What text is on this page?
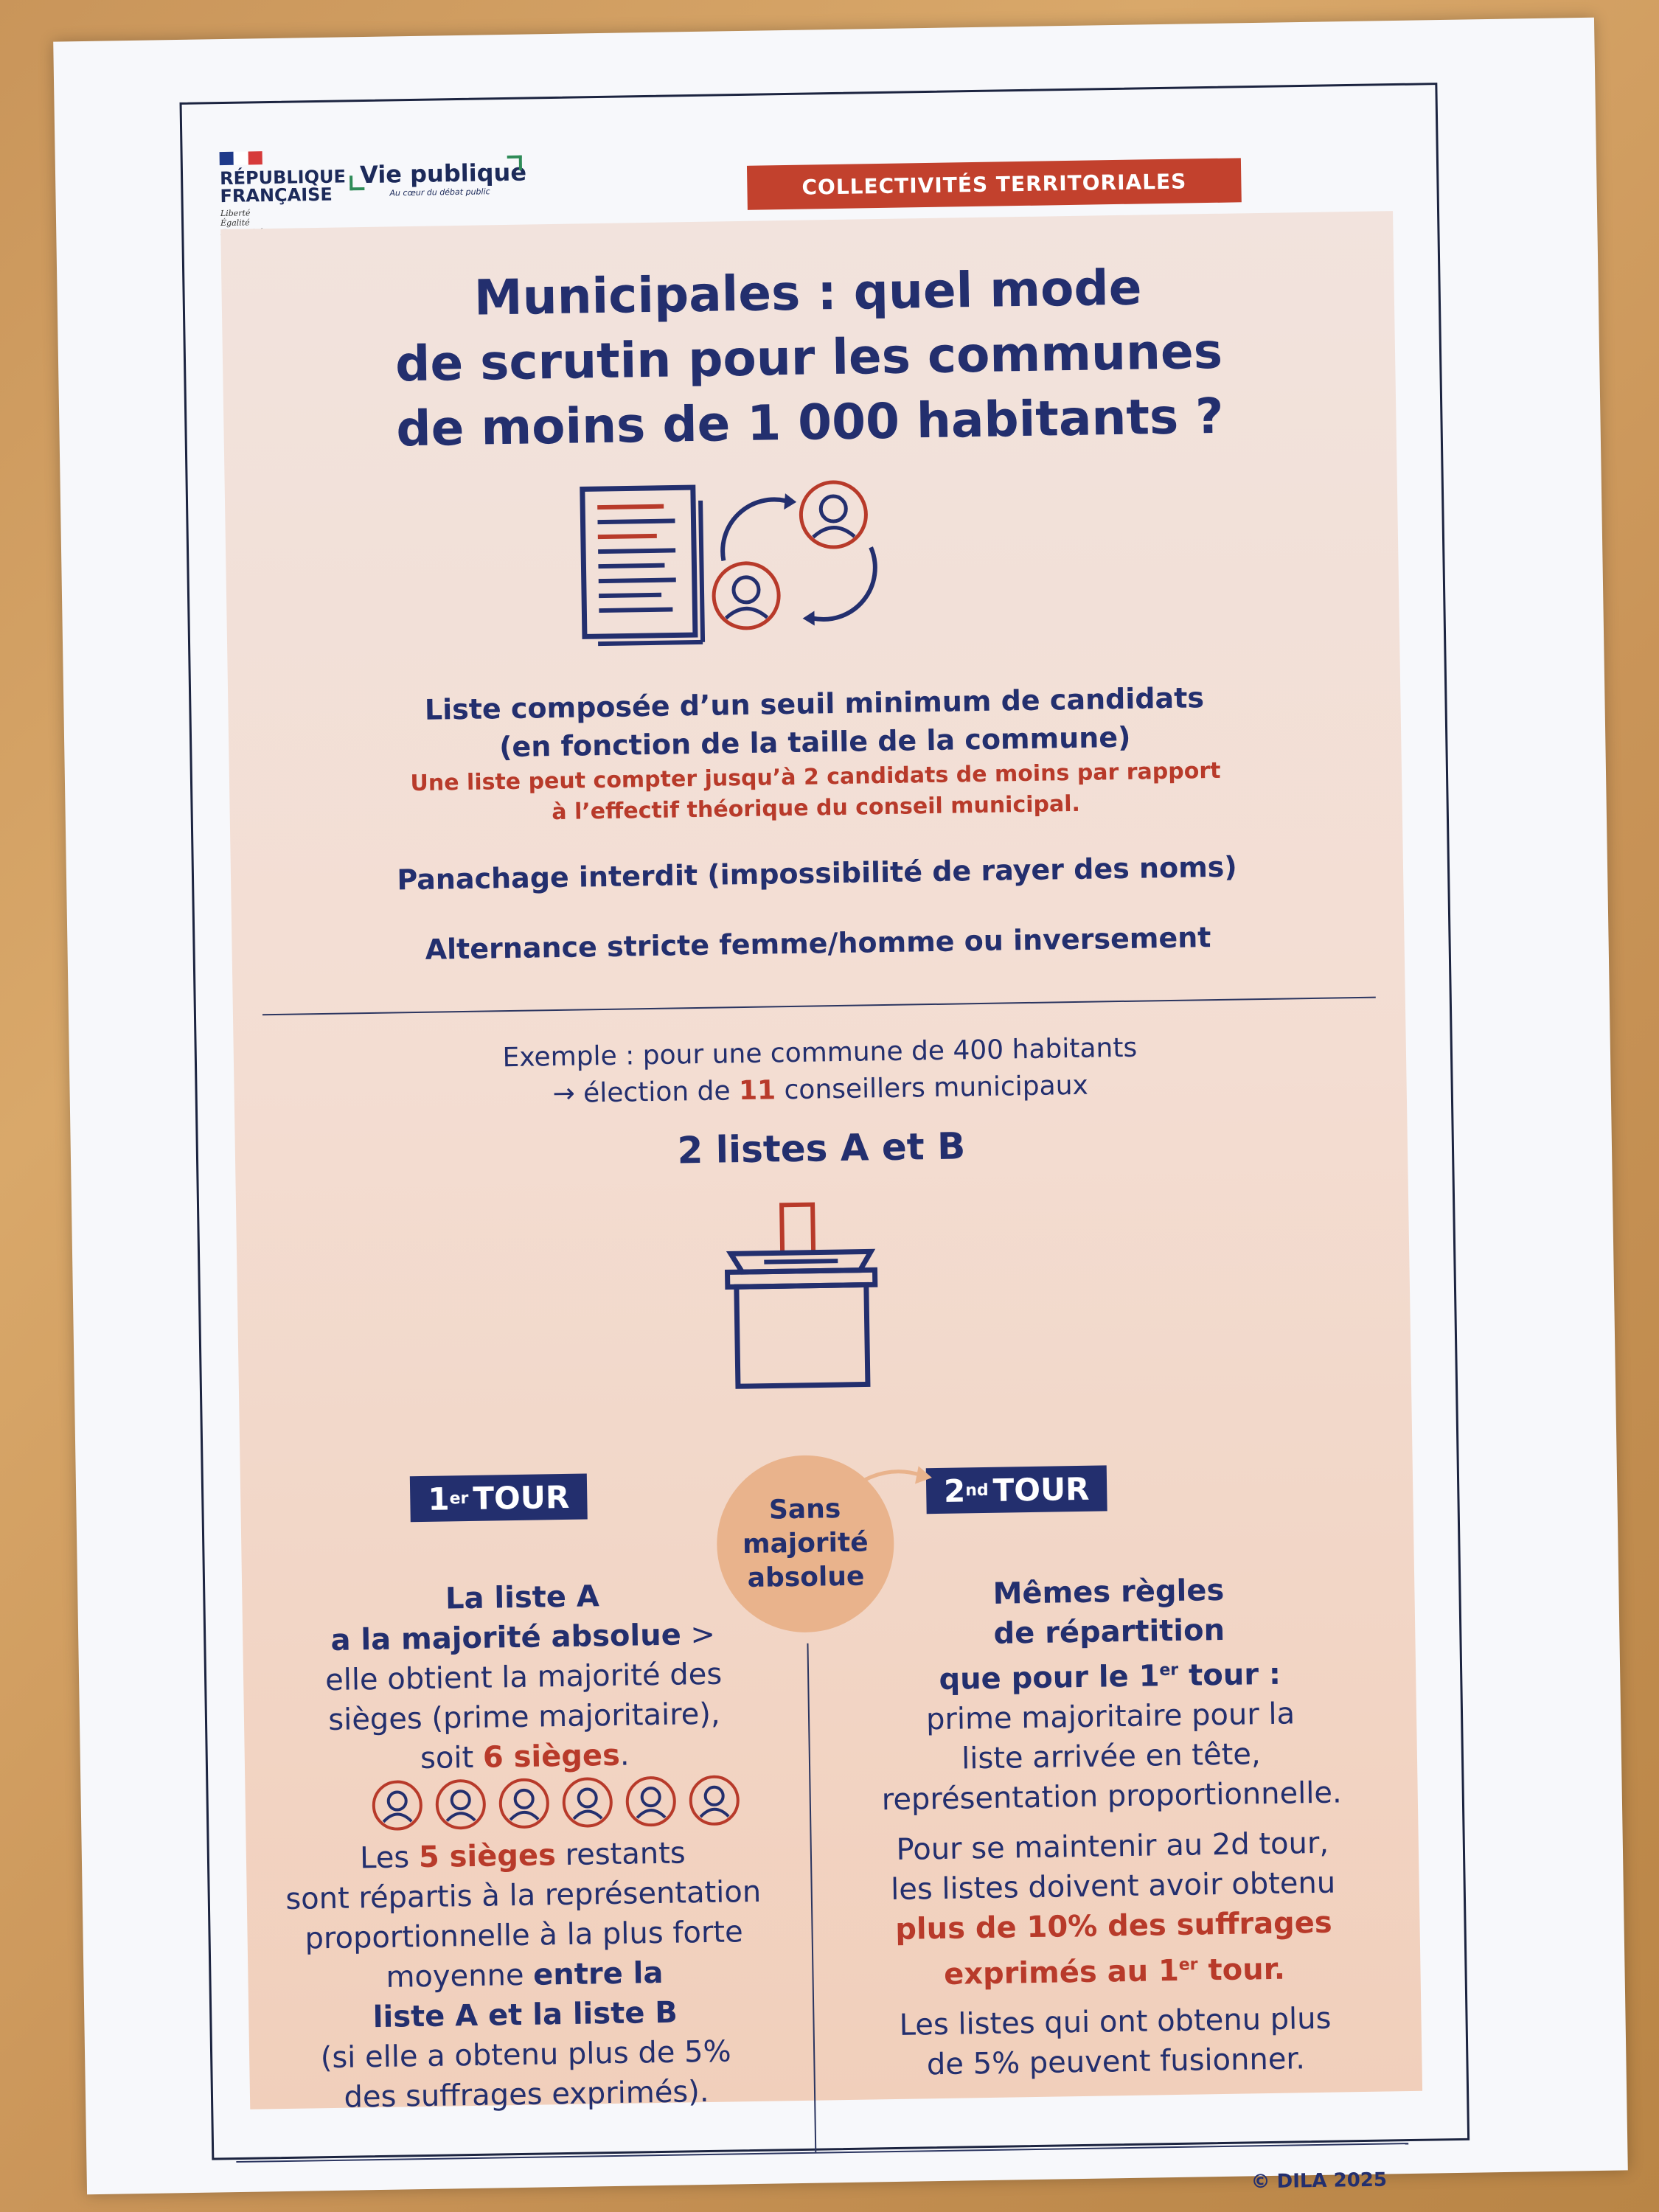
RÉPUBLIQUE
FRANÇAISE
Liberté
Égalité
Vie publique
Au cœur du débat public	COLLECTIVITÉS TERRITORIALES
Municipales : quel mode
de scrutin pour les communes
de moins de 1 000 habitants ?
Liste composée d’un seuil minimum de candidats
(en fonction de la taille de la commune)
Une liste peut compter jusqu’à 2 candidats de moins par rapport
à l’effectif théorique du conseil municipal.
Panachage interdit (impossibilité de rayer des noms)
Alternance stricte femme/homme ou inversement
Exemple : pour une commune de 400 habitants
→ élection de 11 conseillers municipaux
2 listes A et B
1 er TOUR	2 nd TOUR
Sans
majorité
absolue
La liste A
a la majorité absolue >
elle obtient la majorité des
sièges (prime majoritaire),
soit 6 sièges.
Les 5 sièges restants
sont répartis à la représentation
proportionnelle à la plus forte
moyenne entre la
liste A et la liste B
(si elle a obtenu plus de 5%
des suffrages exprimés).
Mêmes règles
de répartition
que pour le 1er tour :
prime majoritaire pour la
liste arrivée en tête,
représentation proportionnelle.
Pour se maintenir au 2d tour,
les listes doivent avoir obtenu
plus de 10% des suffrages
exprimés au 1er tour.
Les listes qui ont obtenu plus
de 5% peuvent fusionner.
© DILA 2025
